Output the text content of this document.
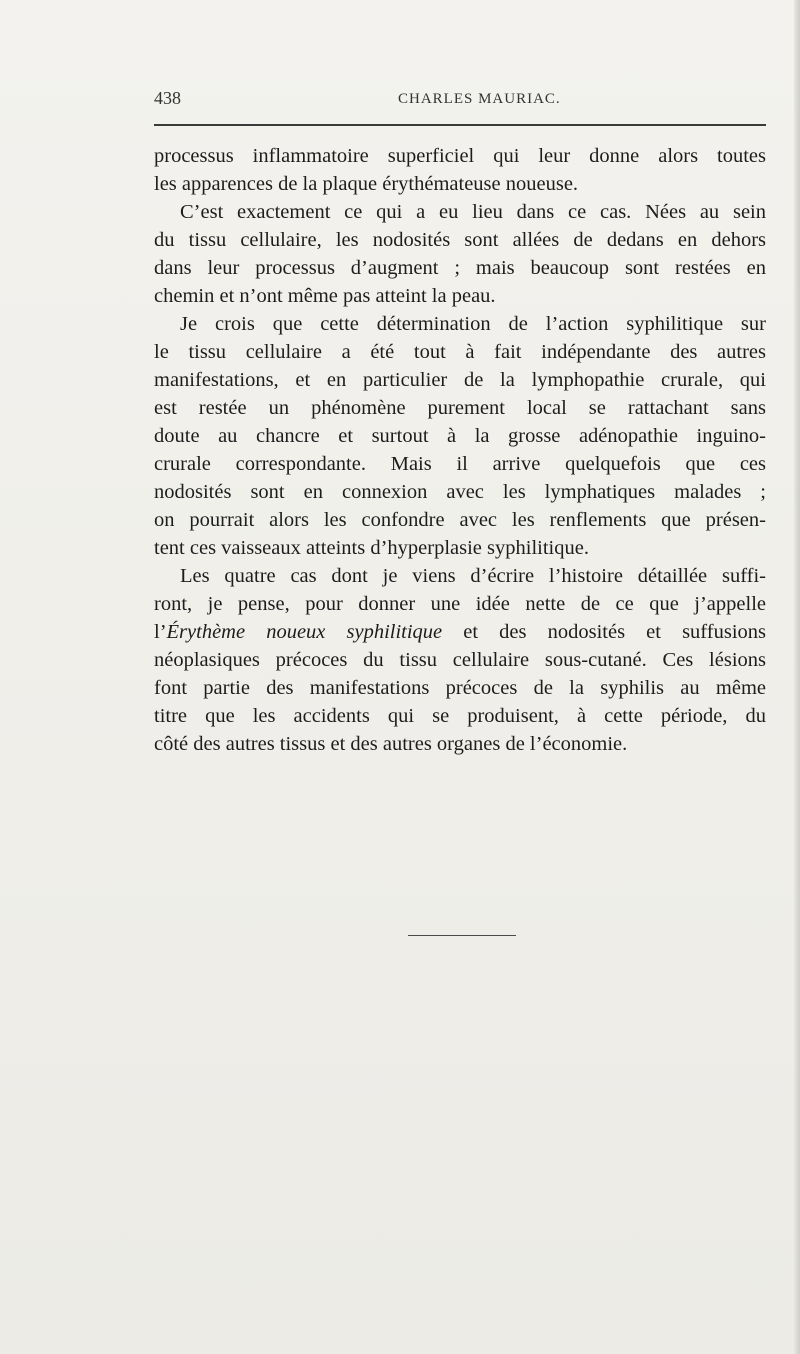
438	CHARLES MAURIAC.
processus inflammatoire superficiel qui leur donne alors toutes
les apparences de la plaque érythémateuse noueuse.
C’est exactement ce qui a eu lieu dans ce cas. Nées au sein
du tissu cellulaire, les nodosités sont allées de dedans en dehors
dans leur processus d’augment ; mais beaucoup sont restées en
chemin et n’ont même pas atteint la peau.
Je crois que cette détermination de l’action syphilitique sur
le tissu cellulaire a été tout à fait indépendante des autres
manifestations, et en particulier de la lymphopathie crurale, qui
est restée un phénomène purement local se rattachant sans
doute au chancre et surtout à la grosse adénopathie inguino-
crurale correspondante. Mais il arrive quelquefois que ces
nodosités sont en connexion avec les lymphatiques malades ;
on pourrait alors les confondre avec les renflements que présen-
tent ces vaisseaux atteints d’hyperplasie syphilitique.
Les quatre cas dont je viens d’écrire l’histoire détaillée suffi-
ront, je pense, pour donner une idée nette de ce que j’appelle
l’Érythème noueux syphilitique et des nodosités et suffusions
néoplasiques précoces du tissu cellulaire sous-cutané. Ces lésions
font partie des manifestations précoces de la syphilis au même
titre que les accidents qui se produisent, à cette période, du
côté des autres tissus et des autres organes de l’économie.
